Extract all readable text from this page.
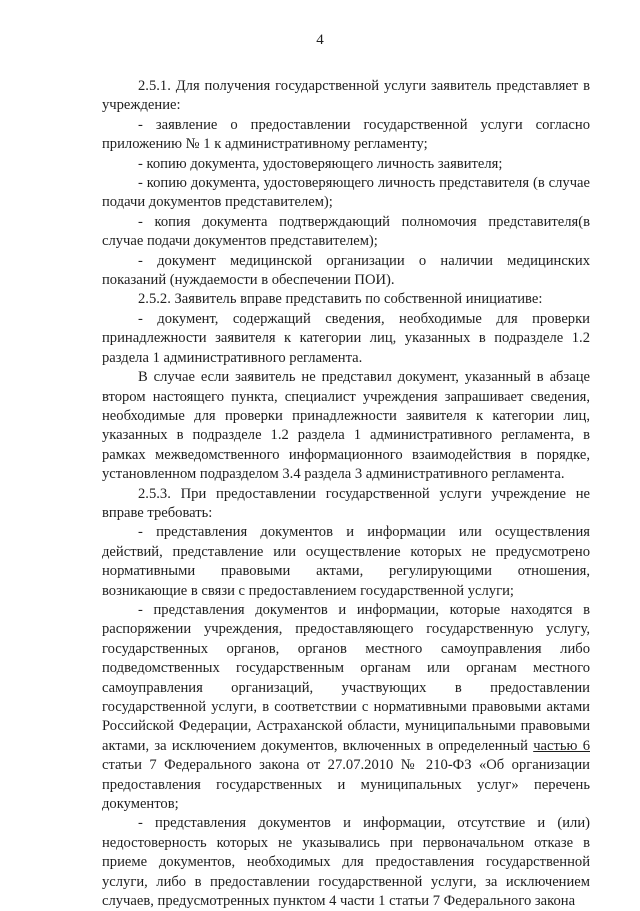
4

2.5.1. Для получения государственной услуги заявитель представляет в учреждение:

- заявление о предоставлении государственной услуги согласно приложению № 1 к административному регламенту;

- копию документа, удостоверяющего личность заявителя;

- копию документа, удостоверяющего личность представителя (в случае подачи документов представителем);

- копия документа подтверждающий полномочия представителя(в случае подачи документов представителем);

- документ медицинской организации о наличии медицинских показаний (нуждаемости в обеспечении ПОИ).

2.5.2. Заявитель вправе представить по собственной инициативе:

- документ, содержащий сведения, необходимые для проверки принадлежности заявителя к категории лиц, указанных в подразделе 1.2 раздела 1 административного регламента.

В случае если заявитель не представил документ, указанный в абзаце втором настоящего пункта, специалист учреждения запрашивает сведения, необходимые для проверки принадлежности заявителя к категории лиц, указанных в подразделе 1.2 раздела 1 административного регламента, в рамках межведомственного информационного взаимодействия в порядке, установленном подразделом 3.4 раздела 3 административного регламента.

2.5.3. При предоставлении государственной услуги учреждение не вправе требовать:

- представления документов и информации или осуществления действий, представление или осуществление которых не предусмотрено нормативными правовыми актами, регулирующими отношения, возникающие в связи с предоставлением государственной услуги;

- представления документов и информации, которые находятся в распоряжении учреждения, предоставляющего государственную услугу, государственных органов, органов местного самоуправления либо подведомственных государственным органам или органам местного самоуправления организаций, участвующих в предоставлении государственной услуги, в соответствии с нормативными правовыми актами Российской Федерации, Астраханской области, муниципальными правовыми актами, за исключением документов, включенных в определенный частью 6 статьи 7 Федерального закона от 27.07.2010 № 210-ФЗ «Об организации предоставления государственных и муниципальных услуг» перечень документов;

- представления документов и информации, отсутствие и (или) недостоверность которых не указывались при первоначальном отказе в приеме документов, необходимых для предоставления государственной услуги, либо в предоставлении государственной услуги, за исключением случаев, предусмотренных пунктом 4 части 1 статьи 7 Федерального закона
